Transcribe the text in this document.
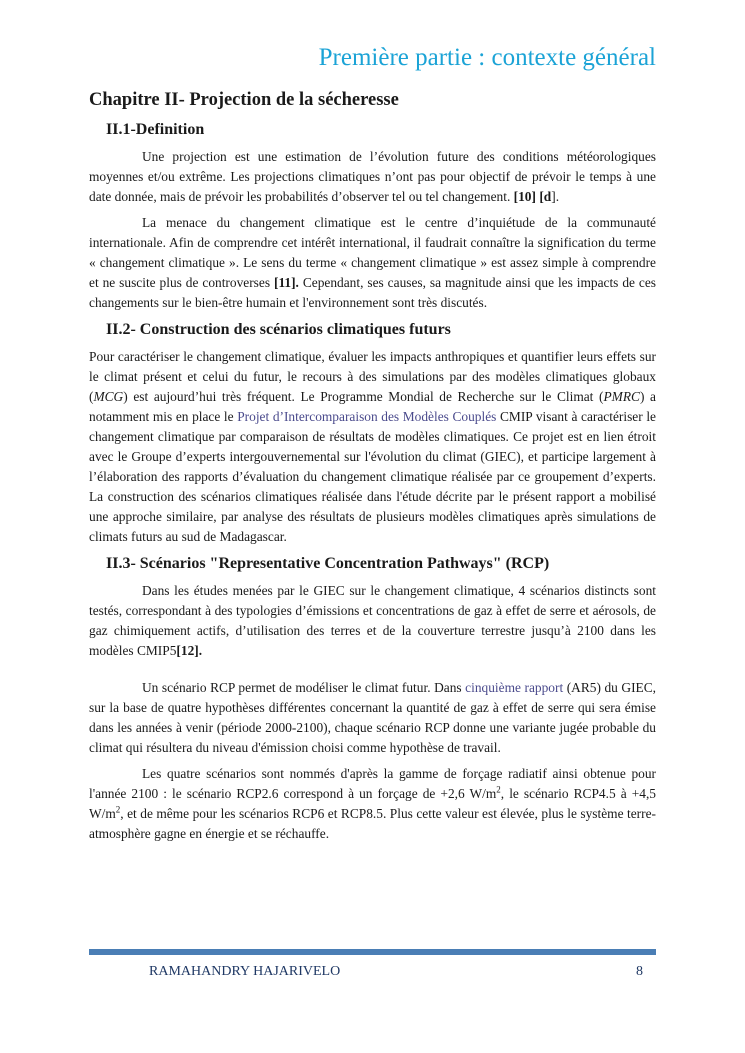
Première partie : contexte général
Chapitre II- Projection de la sécheresse
II.1-Definition

Une projection est une estimation de l’évolution future des conditions météorologiques moyennes et/ou extrême. Les projections climatiques n’ont pas pour objectif de prévoir le temps à une date donnée, mais de prévoir les probabilités d’observer tel ou tel changement. [10] [d].

La menace du changement climatique est le centre d’inquiétude de la communauté internationale. Afin de comprendre cet intérêt international, il faudrait connaître la signification du terme « changement climatique ». Le sens du terme « changement climatique » est assez simple à comprendre et ne suscite plus de controverses [11]. Cependant, ses causes, sa magnitude ainsi que les impacts de ces changements sur le bien-être humain et l'environnement sont très discutés.

II.2- Construction des scénarios climatiques futurs

Pour caractériser le changement climatique, évaluer les impacts anthropiques et quantifier leurs effets sur le climat présent et celui du futur, le recours à des simulations par des modèles climatiques globaux (MCG) est aujourd’hui très fréquent. Le Programme Mondial de Recherche sur le Climat (PMRC) a notamment mis en place le Projet d’Intercomparaison des Modèles Couplés CMIP visant à caractériser le changement climatique par comparaison de résultats de modèles climatiques. Ce projet est en lien étroit avec le Groupe d’experts intergouvernemental sur l'évolution du climat (GIEC), et participe largement à l’élaboration des rapports d’évaluation du changement climatique réalisée par ce groupement d’experts. La construction des scénarios climatiques réalisée dans l'étude décrite par le présent rapport a mobilisé une approche similaire, par analyse des résultats de plusieurs modèles climatiques après simulations de climats futurs au sud de Madagascar.

II.3- Scénarios "Representative Concentration Pathways" (RCP)

Dans les études menées par le GIEC sur le changement climatique, 4 scénarios distincts sont testés, correspondant à des typologies d’émissions et concentrations de gaz à effet de serre et aérosols, de gaz chimiquement actifs, d’utilisation des terres et de la couverture terrestre jusqu’à 2100 dans les modèles CMIP5[12].

Un scénario RCP permet de modéliser le climat futur. Dans cinquième rapport (AR5) du GIEC, sur la base de quatre hypothèses différentes concernant la quantité de gaz à effet de serre qui sera émise dans les années à venir (période 2000-2100), chaque scénario RCP donne une variante jugée probable du climat qui résultera du niveau d'émission choisi comme hypothèse de travail.

Les quatre scénarios sont nommés d'après la gamme de forçage radiatif ainsi obtenue pour l'année 2100 : le scénario RCP2.6 correspond à un forçage de +2,6 $W/m^2$, le scénario RCP4.5 à +4,5 $W/m^2$, et de même pour les scénarios RCP6 et RCP8.5. Plus cette valeur est élevée, plus le système terre-atmosphère gagne en énergie et se réchauffe.

RAMAHANDRY HAJARIVELO	8
